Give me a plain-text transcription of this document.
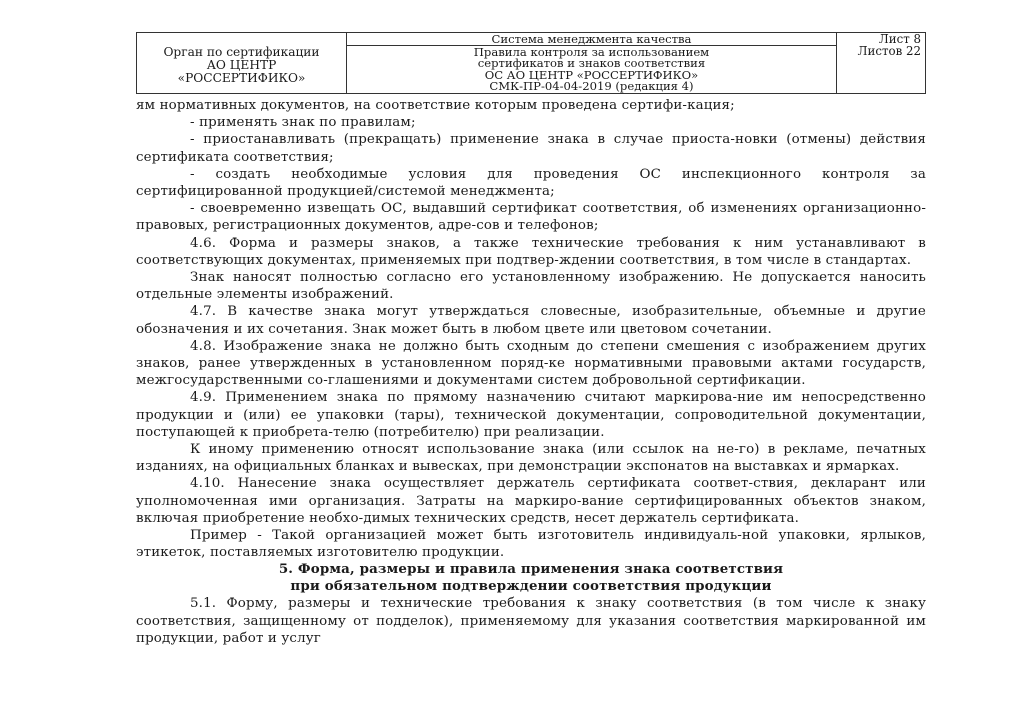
Орган по сертификации
АО ЦЕНТР
«РОССЕРТИФИКО»
Система менеджмента качества
Правила контроля за использованием
сертификатов и знаков соответствия
ОС АО ЦЕНТР «РОССЕРТИФИКО»
СМК-ПР-04-04-2019 (редакция 4)
Лист 8
Листов 22

ям нормативных документов, на соответствие которым проведена сертифи-кация;

- применять знак по правилам;

- приостанавливать (прекращать) применение знака в случае приоста-новки (отмены) действия сертификата соответствия;

- создать необходимые условия для проведения ОС инспекционного контроля за сертифицированной продукцией/системой менеджмента;

- своевременно извещать ОС, выдавший сертификат соответствия, об изменениях организационно-правовых, регистрационных документов, адре-сов и телефонов;

4.6. Форма и размеры знаков, а также технические требования к ним устанавливают в соответствующих документах, применяемых при подтвер-ждении соответствия, в том числе в стандартах.

Знак наносят полностью согласно его установленному изображению. Не допускается наносить отдельные элементы изображений.

4.7. В качестве знака могут утверждаться словесные, изобразительные, объемные и другие обозначения и их сочетания. Знак может быть в любом цвете или цветовом сочетании.

4.8. Изображение знака не должно быть сходным до степени смешения с изображением других знаков, ранее утвержденных в установленном поряд-ке нормативными правовыми актами государств, межгосударственными со-глашениями и документами систем добровольной сертификации.

4.9. Применением знака по прямому назначению считают маркирова-ние им непосредственно продукции и (или) ее упаковки (тары), технической документации, сопроводительной документации, поступающей к приобрета-телю (потребителю) при реализации.

К иному применению относят использование знака (или ссылок на не-го) в рекламе, печатных изданиях, на официальных бланках и вывесках, при демонстрации экспонатов на выставках и ярмарках.

4.10. Нанесение знака осуществляет держатель сертификата соответ-ствия, декларант или уполномоченная ими организация. Затраты на маркиро-вание сертифицированных объектов знаком, включая приобретение необхо-димых технических средств, несет держатель сертификата.

Пример - Такой организацией может быть изготовитель индивидуаль-ной упаковки, ярлыков, этикеток, поставляемых изготовителю продукции.

5. Форма, размеры и правила применения знака соответствия

при обязательном подтверждении соответствия продукции

5.1. Форму, размеры и технические требования к знаку соответствия (в том числе к знаку соответствия, защищенному от подделок), применяемому для указания соответствия маркированной им продукции, работ и услуг
